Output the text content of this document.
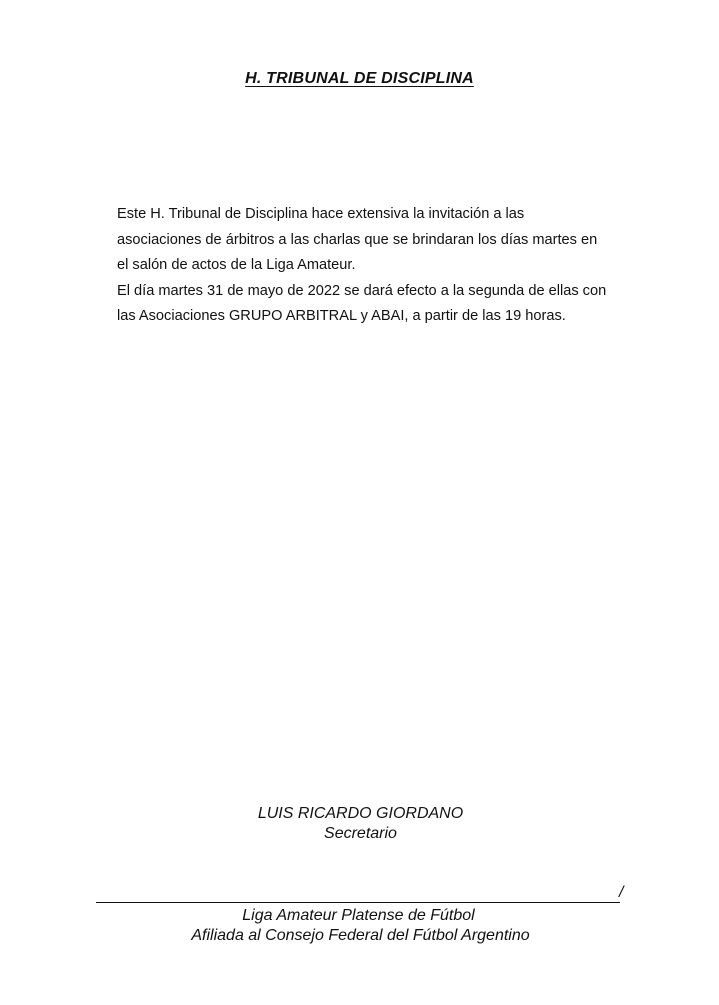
H. TRIBUNAL DE DISCIPLINA

Este H. Tribunal de Disciplina hace extensiva la invitación a las

asociaciones de árbitros a las charlas que se brindaran los días martes en

el salón de actos de la Liga Amateur.

El día martes 31 de mayo de 2022 se dará efecto a la segunda de ellas con

las Asociaciones GRUPO ARBITRAL y ABAI, a partir de las 19 horas.

LUIS RICARDO GIORDANO
Secretario
/
Liga Amateur Platense de Fútbol
Afiliada al Consejo Federal del Fútbol Argentino
